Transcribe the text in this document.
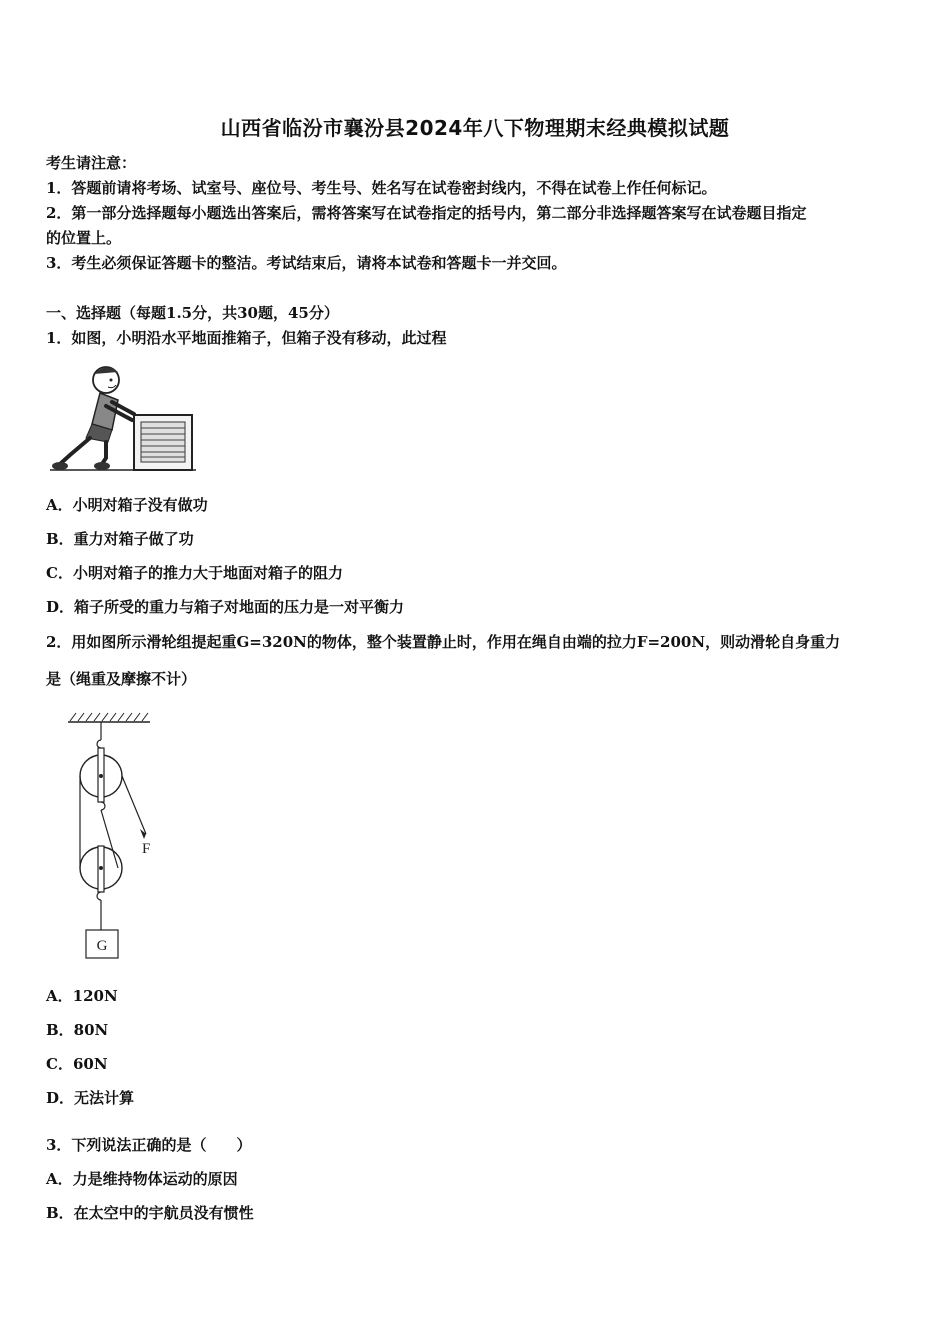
山西省临汾市襄汾县2024年八下物理期末经典模拟试题
考生请注意：
1．答题前请将考场、试室号、座位号、考生号、姓名写在试卷密封线内，不得在试卷上作任何标记。
2．第一部分选择题每小题选出答案后，需将答案写在试卷指定的括号内，第二部分非选择题答案写在试卷题目指定
的位置上。
3．考生必须保证答题卡的整洁。考试结束后，请将本试卷和答题卡一并交回。
一、选择题（每题1.5分，共30题，45分）
1．如图，小明沿水平地面推箱子，但箱子没有移动，此过程
A．小明对箱子没有做功
B．重力对箱子做了功
C．小明对箱子的推力大于地面对箱子的阻力
D．箱子所受的重力与箱子对地面的压力是一对平衡力
2．用如图所示滑轮组提起重G=320N的物体，整个装置静止时，作用在绳自由端的拉力F=200N，则动滑轮自身重力
是（绳重及摩擦不计）
G
F
A．120N
B．80N
C．60N
D．无法计算
3．下列说法正确的是（　　）
A．力是维持物体运动的原因
B．在太空中的宇航员没有惯性
